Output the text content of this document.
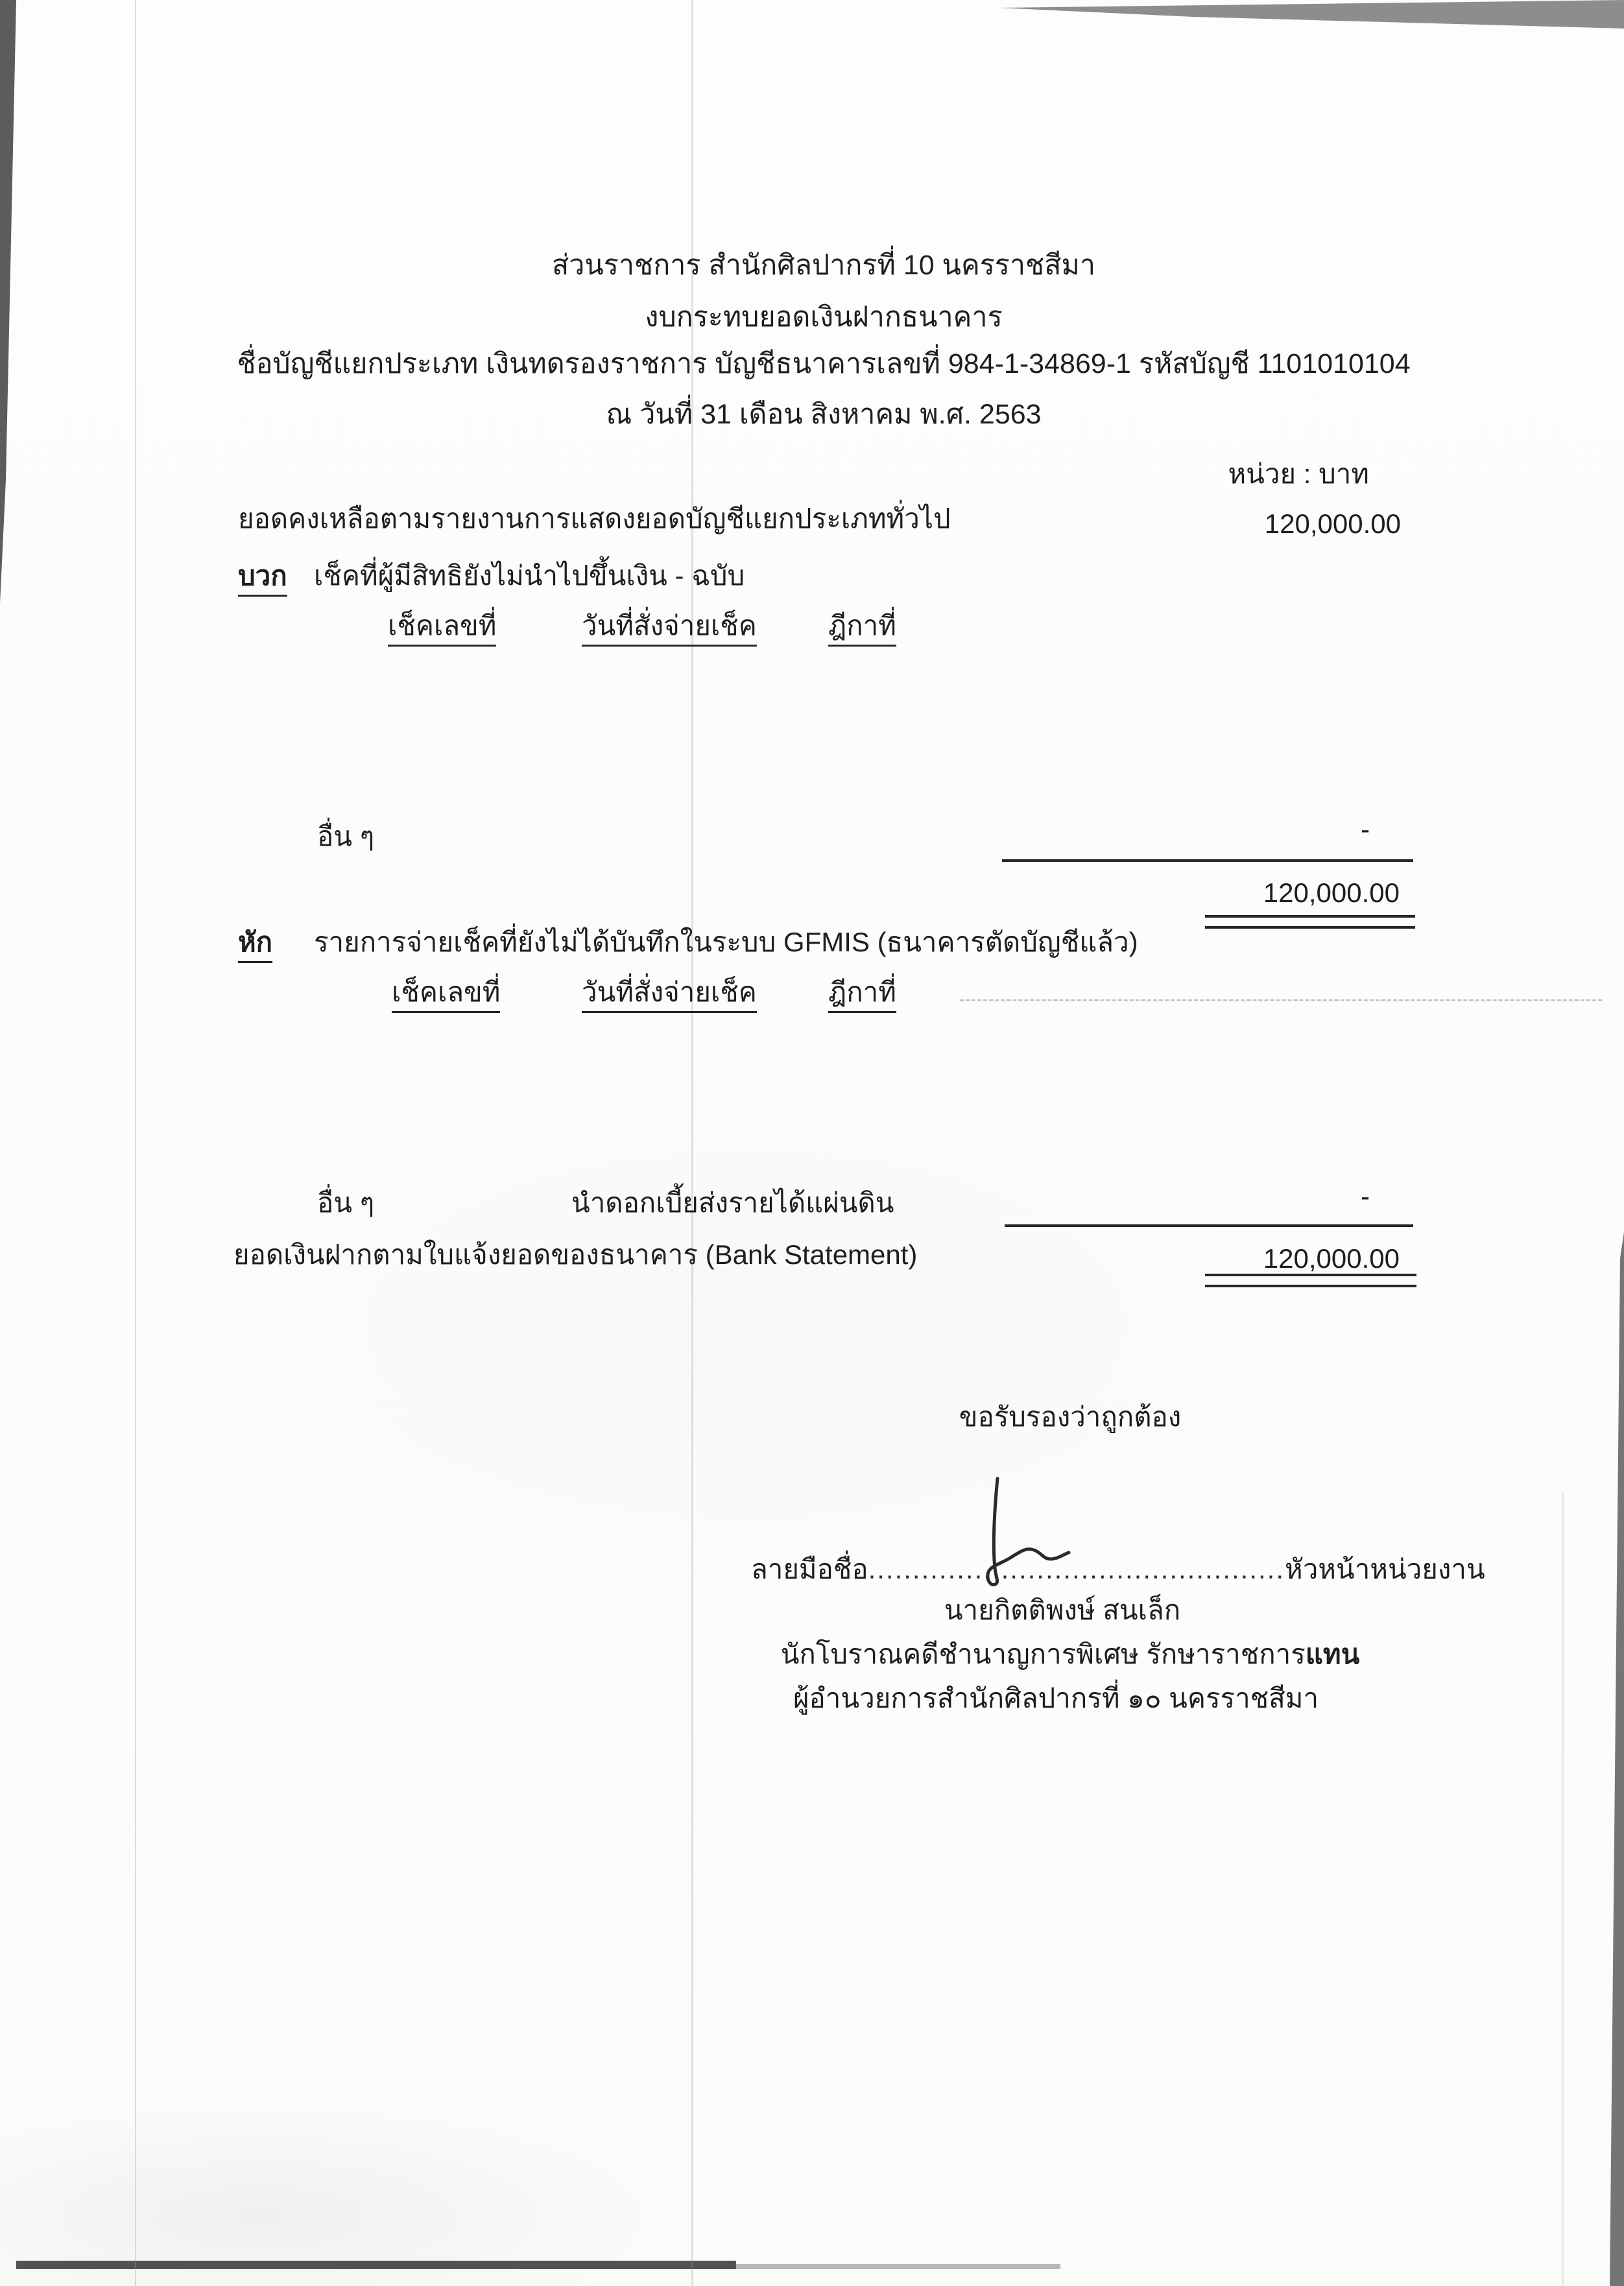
ส่วนราชการ สำนักศิลปากรที่ 10 นครราชสีมา
งบกระทบยอดเงินฝากธนาคาร
ชื่อบัญชีแยกประเภท เงินทดรองราชการ บัญชีธนาคารเลขที่ 984-1-34869-1 รหัสบัญชี 1101010104
ณ วันที่ 31 เดือน สิงหาคม พ.ศ. 2563
หน่วย : บาท
ยอดคงเหลือตามรายงานการแสดงยอดบัญชีแยกประเภททั่วไป	120,000.00
บวก เช็คที่ผู้มีสิทธิยังไม่นำไปขึ้นเงิน - ฉบับ
เช็คเลขที่	วันที่สั่งจ่ายเช็ค	ฎีกาที่
อื่น ๆ	-
120,000.00
หัก รายการจ่ายเช็คที่ยังไม่ได้บันทึกในระบบ GFMIS (ธนาคารตัดบัญชีแล้ว)
เช็คเลขที่	วันที่สั่งจ่ายเช็ค	ฎีกาที่
อื่น ๆ	นำดอกเบี้ยส่งรายได้แผ่นดิน	-
ยอดเงินฝากตามใบแจ้งยอดของธนาคาร (Bank Statement)	120,000.00
ขอรับรองว่าถูกต้อง
ลายมือชื่อ...............................................หัวหน้าหน่วยงาน
นายกิตติพงษ์ สนเล็ก
นักโบราณคดีชำนาญการพิเศษ รักษาราชการแทน
ผู้อำนวยการสำนักศิลปากรที่ ๑๐ นครราชสีมา
